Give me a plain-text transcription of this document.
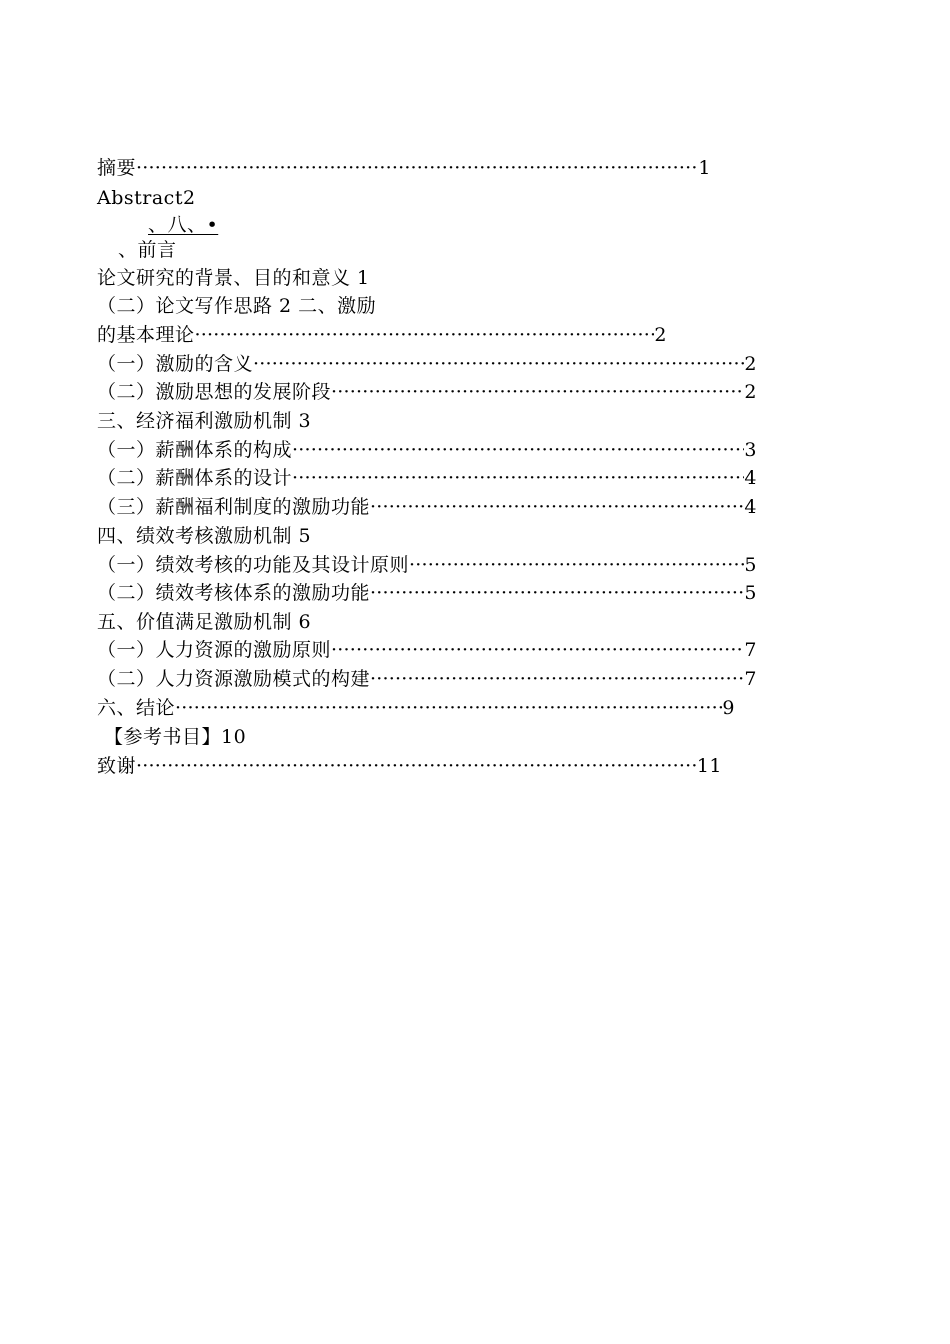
摘要 ·····	1
Abstract2
、八、•
、前言
论文研究的背景、目的和意义 1
（二）论文写作思路 2 二、激励
的基本理论 ·····	2
（一）激励的含义 ·····	2
（二）激励思想的发展阶段 ·····	2
三、经济福利激励机制 3
（一）薪酬体系的构成 ·····	3
（二）薪酬体系的设计 ·····	4
（三）薪酬福利制度的激励功能 ·····	4
四、绩效考核激励机制 5
（一）绩效考核的功能及其设计原则 ·····	5
（二）绩效考核体系的激励功能 ·····	5
五、价值满足激励机制 6
（一）人力资源的激励原则 ·····	7
（二）人力资源激励模式的构建 ·····	7
六、结论 ·····	9
【参考书目】10
致谢 ·····	11
